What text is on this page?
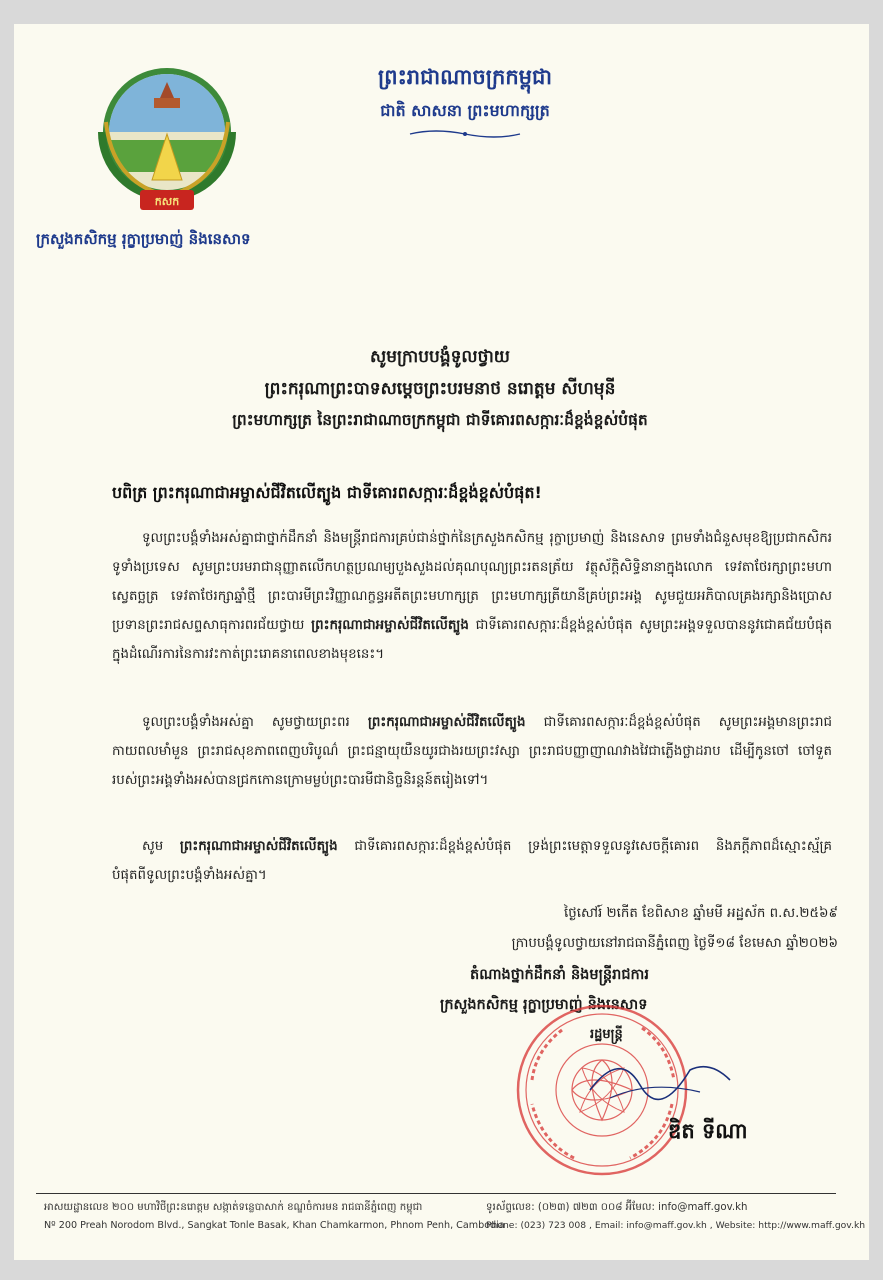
កសក
ក្រសួងកសិកម្ម រុក្ខាប្រមាញ់ និងនេសាទ
ព្រះរាជាណាចក្រកម្ពុជា
ជាតិ សាសនា ព្រះមហាក្សត្រ
សូមក្រាបបង្គំទូលថ្វាយ
ព្រះករុណាព្រះបាទសម្តេចព្រះបរមនាថ នរោត្តម សីហមុនី
ព្រះមហាក្សត្រ នៃព្រះរាជាណាចក្រកម្ពុជា ជាទីគោរពសក្ការៈដ៏ខ្ពង់ខ្ពស់បំផុត
បពិត្រ ព្រះករុណាជាអម្ចាស់ជីវិតលើត្បូង ជាទីគោរពសក្ការៈដ៏ខ្ពង់ខ្ពស់បំផុត!
ទូលព្រះបង្គំទាំងអស់គ្នាជាថ្នាក់ដឹកនាំ និងមន្ត្រីរាជការគ្រប់ជាន់ថ្នាក់នៃក្រសួងកសិកម្ម រុក្ខាប្រមាញ់ និងនេសាទ ព្រមទាំងជំនួសមុខឱ្យប្រជាកសិករទូទាំងប្រទេស សូមព្រះបរមរាជានុញ្ញាតលើកហត្ថប្រណម្យបួងសួងដល់គុណបុណ្យព្រះរតនត្រ័យ វត្ថុស័ក្តិសិទ្ធិនានាក្នុងលោក ទេវតាថែរក្សាព្រះមហាស្វេតច្ឆត្រ ទេវតាថែរក្សាឆ្នាំថ្មី ព្រះបារមីព្រះវិញ្ញាណក្ខន្ធអតីតព្រះមហាក្សត្រ ព្រះមហាក្សត្រីយានីគ្រប់ព្រះអង្គ សូមជួយអភិបាលគ្រងរក្សានិងប្រោសប្រទានព្រះរាជសព្ទសាធុការពរជ័យថ្វាយ ព្រះករុណាជាអម្ចាស់ជីវិតលើត្បូង ជាទីគោរពសក្ការៈដ៏ខ្ពង់ខ្ពស់បំផុត សូមព្រះអង្គទទួលបាននូវជោគជ័យបំផុតក្នុងដំណើរការនៃការវះកាត់ព្រះរោគនាពេលខាងមុខនេះ។
ទូលព្រះបង្គំទាំងអស់គ្នា សូមថ្វាយព្រះពរ ព្រះករុណាជាអម្ចាស់ជីវិតលើត្បូង ជាទីគោរពសក្ការៈដ៏ខ្ពង់ខ្ពស់បំផុត សូមព្រះអង្គមានព្រះរាជកាយពលមាំមួន ព្រះរាជសុខភាពពេញបរិបូណ៌ ព្រះជន្មាយុយឺនយូរជាងរយព្រះវស្សា ព្រះរាជបញ្ញាញាណវាងវៃជាភ្លើងថ្លាដរាប ដើម្បីកូនចៅ ចៅទួតរបស់ព្រះអង្គទាំងអស់បានជ្រកកោនក្រោមម្លប់ព្រះបារមីជានិច្ចនិរន្តន៍តរៀងទៅ។
សូម ព្រះករុណាជាអម្ចាស់ជីវិតលើត្បូង ជាទីគោរពសក្ការៈដ៏ខ្ពង់ខ្ពស់បំផុត ទ្រង់ព្រះមេត្តាទទួលនូវសេចក្តីគោរព និងភក្តីភាពដ៏ស្មោះស្ម័គ្របំផុតពីទូលព្រះបង្គំទាំងអស់គ្នា។
ថ្ងៃសៅរ៍ ២កើត ខែពិសាខ ឆ្នាំមមី អដ្ឋស័ក ព.ស.២៥៦៩
ក្រាបបង្គំទូលថ្វាយនៅរាជធានីភ្នំពេញ ថ្ងៃទី១៨ ខែមេសា ឆ្នាំ២០២៦
តំណាងថ្នាក់ដឹកនាំ និងមន្ត្រីរាជការ
ក្រសួងកសិកម្ម រុក្ខាប្រមាញ់ និងនេសាទ
រដ្ឋមន្ត្រី
ឌិត ទីណា
អាសយដ្ឋានលេខ ២០០ មហាវិថីព្រះនរោត្តម សង្កាត់ទន្លេបាសាក់ ខណ្ឌចំការមន រាជធានីភ្នំពេញ កម្ពុជា
Nº 200 Preah Norodom Blvd., Sangkat Tonle Basak, Khan Chamkarmon, Phnom Penh, Cambodia
ទូរស័ព្ទលេខ: (០២៣) ៧២៣ ០០៨ អ៊ីមែល: info@maff.gov.kh
Phone: (023) 723 008 , Email: info@maff.gov.kh , Website: http://www.maff.gov.kh
